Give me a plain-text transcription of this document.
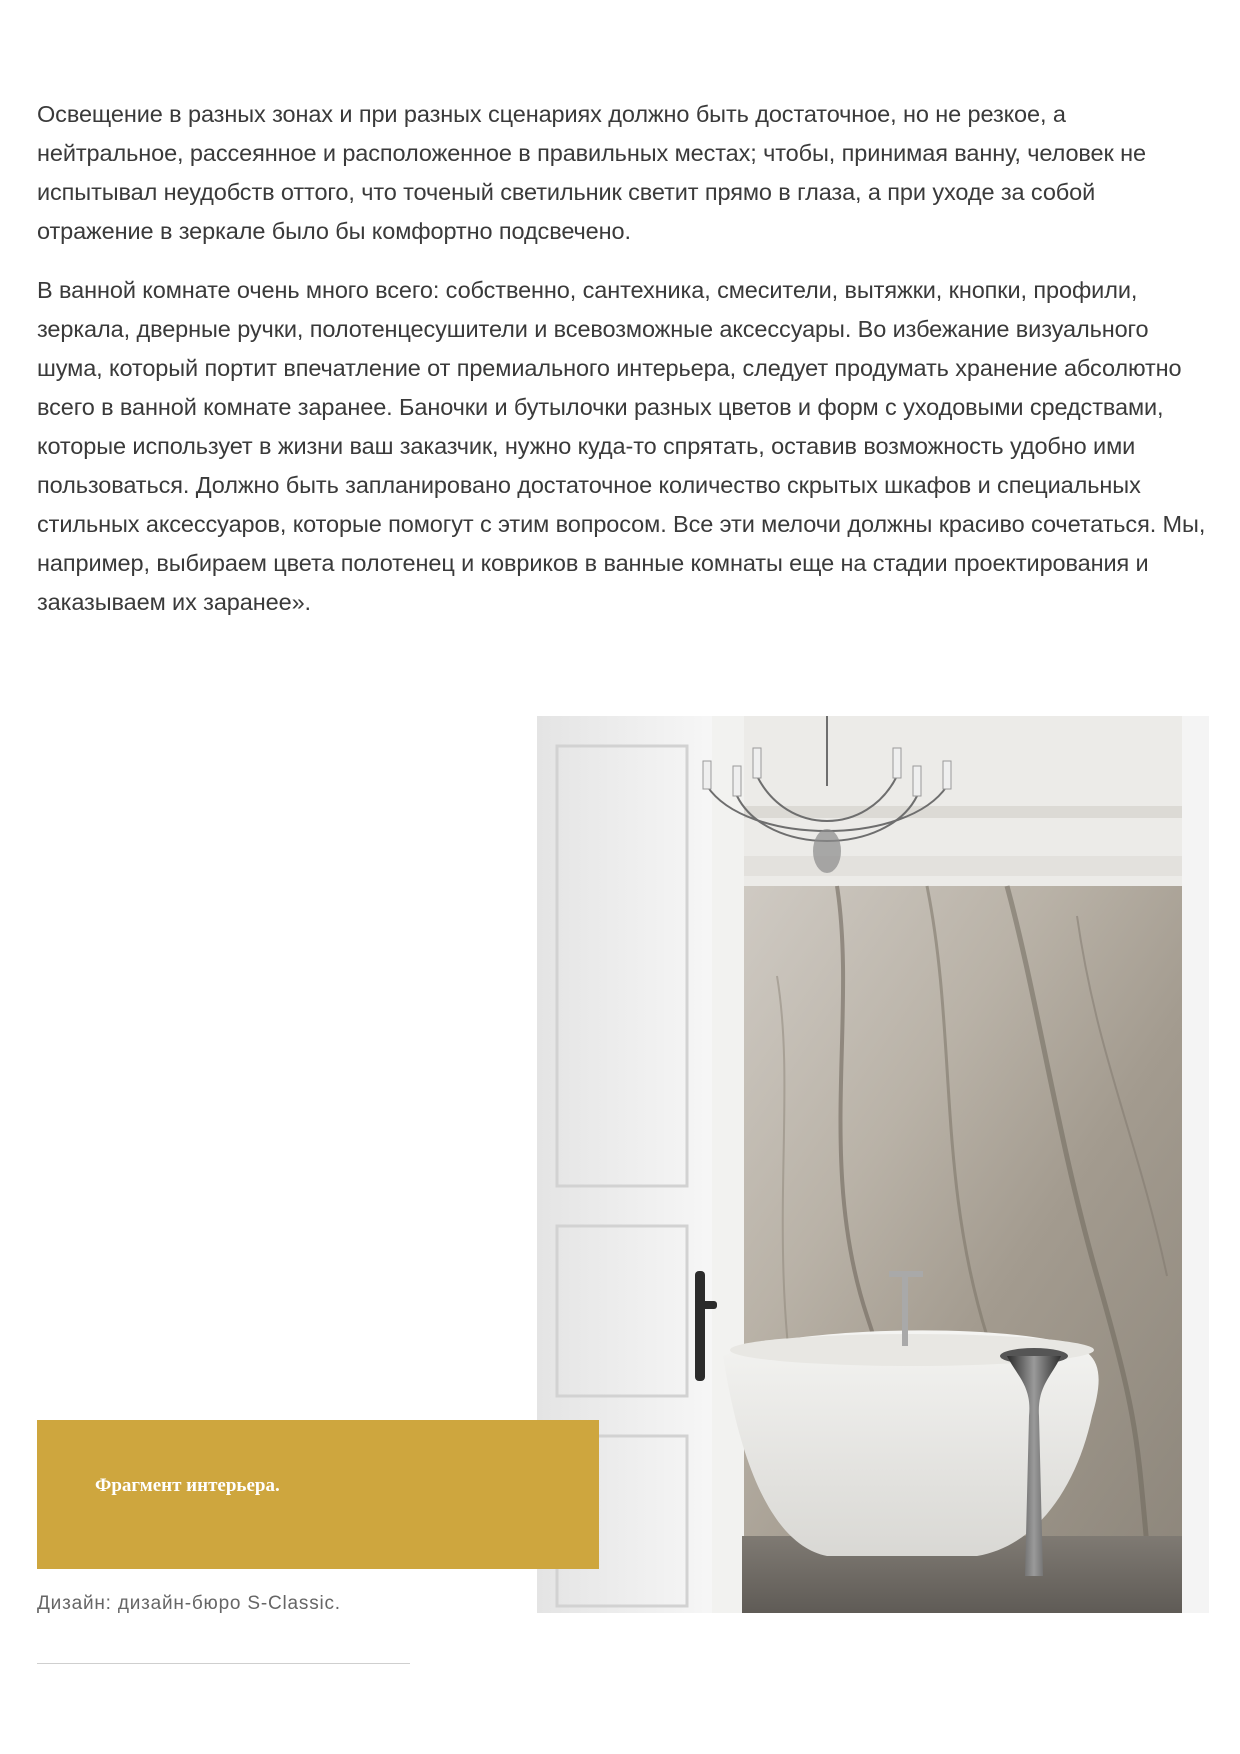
Освещение в разных зонах и при разных сценариях должно быть достаточное, но не резкое, а нейтральное, рассеянное и расположенное в правильных местах; чтобы, принимая ванну, человек не испытывал неудобств оттого, что точеный светильник светит прямо в глаза, а при уходе за собой отражение в зеркале было бы комфортно подсвечено.

В ванной комнате очень много всего: собственно, сантехника, смесители, вытяжки, кнопки, профили, зеркала, дверные ручки, полотенцесушители и всевозможные аксессуары. Во избежание визуального шума, который портит впечатление от премиального интерьера, следует продумать хранение абсолютно всего в ванной комнате заранее. Баночки и бутылочки разных цветов и форм с уходовыми средствами, которые использует в жизни ваш заказчик, нужно куда-то спрятать, оставив возможность удобно ими пользоваться. Должно быть запланировано достаточное количество скрытых шкафов и специальных стильных аксессуаров, которые помогут с этим вопросом. Все эти мелочи должны красиво сочетаться. Мы, например, выбираем цвета полотенец и ковриков в ванные комнаты еще на стадии проектирования и заказываем их заранее».

Фрагмент интерьера.
Дизайн: дизайн-бюро S-Classic.
